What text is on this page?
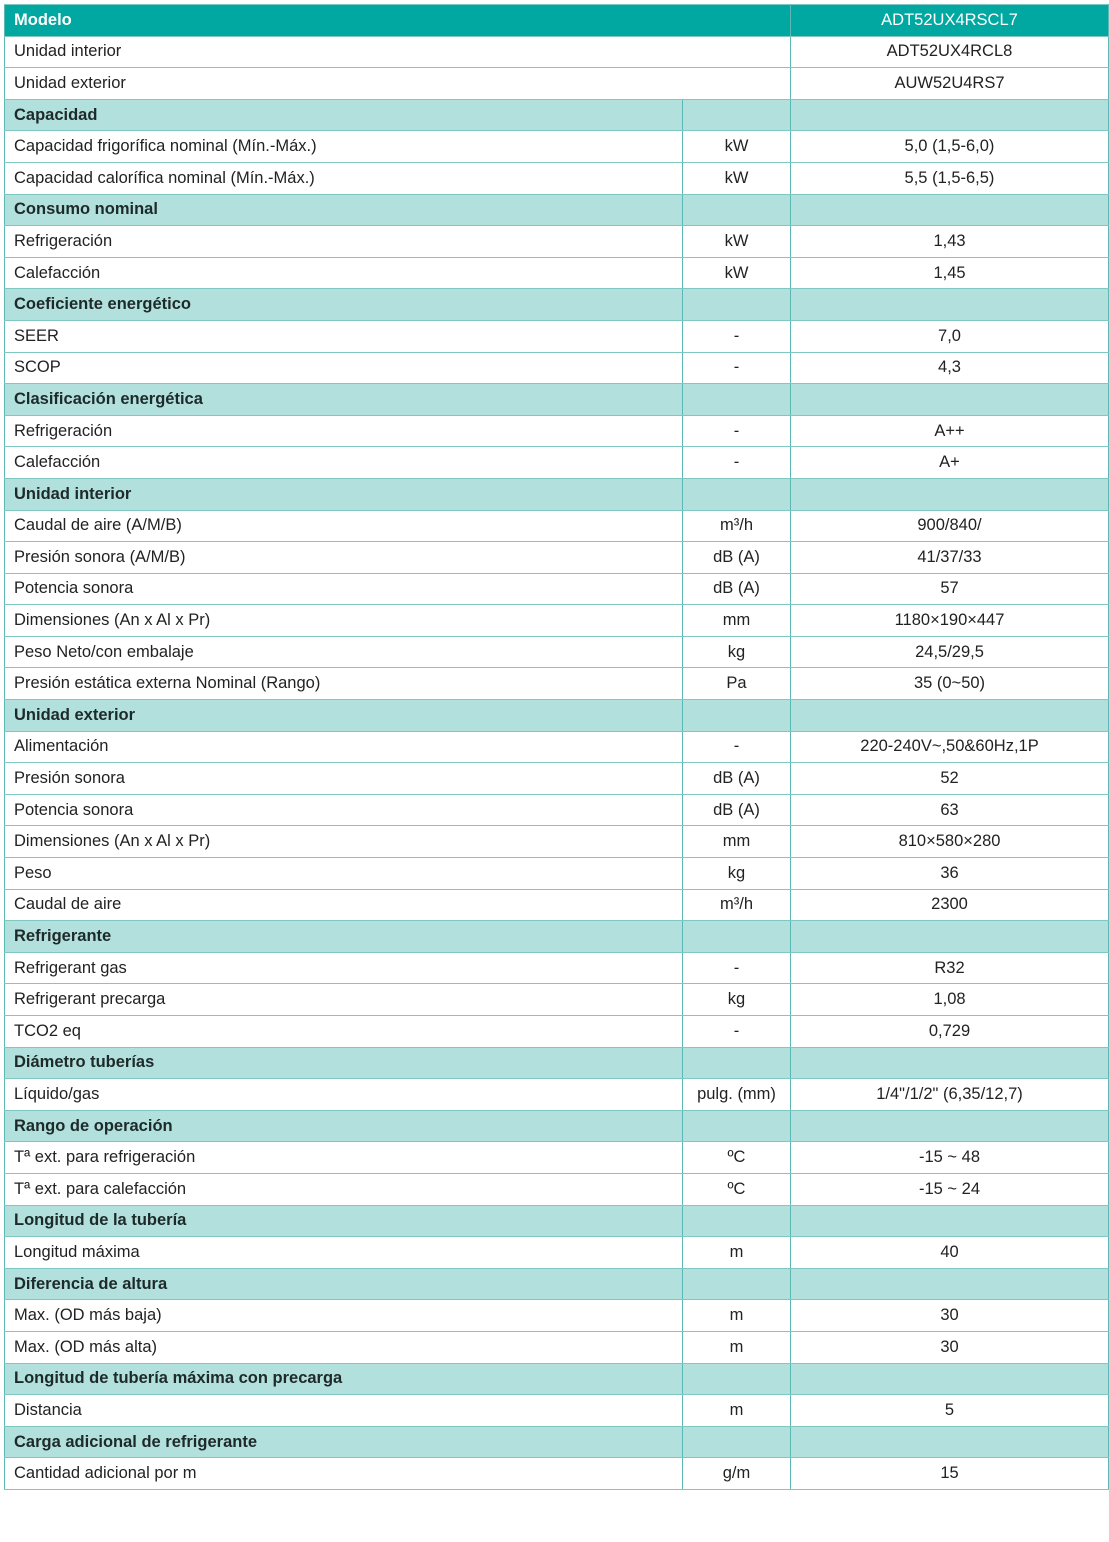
Modelo		ADT52UX4RSCL7
Unidad interior		ADT52UX4RCL8
Unidad exterior		AUW52U4RS7
Capacidad		
Capacidad frigorífica nominal (Mín.-Máx.)	kW	5,0 (1,5-6,0)
Capacidad calorífica nominal (Mín.-Máx.)	kW	5,5 (1,5-6,5)
Consumo nominal		
Refrigeración	kW	1,43
Calefacción	kW	1,45
Coeficiente energético		
SEER	-	7,0
SCOP	-	4,3
Clasificación energética		
Refrigeración	-	A++
Calefacción	-	A+
Unidad interior		
Caudal de aire (A/M/B)	m³/h	900/840/
Presión sonora (A/M/B)	dB (A)	41/37/33
Potencia sonora	dB (A)	57
Dimensiones (An x Al x Pr)	mm	1180×190×447
Peso Neto/con embalaje	kg	24,5/29,5
Presión estática externa Nominal (Rango)	Pa	35 (0~50)
Unidad exterior		
Alimentación	-	220-240V~,50&60Hz,1P
Presión sonora	dB (A)	52
Potencia sonora	dB (A)	63
Dimensiones (An x Al x Pr)	mm	810×580×280
Peso	kg	36
Caudal de aire	m³/h	2300
Refrigerante		
Refrigerant gas	-	R32
Refrigerant precarga	kg	1,08
TCO2 eq	-	0,729
Diámetro tuberías		
Líquido/gas	pulg. (mm)	1/4"/1/2" (6,35/12,7)
Rango de operación		
Tª ext. para refrigeración	ºC	-15 ~ 48
Tª ext. para calefacción	ºC	-15 ~ 24
Longitud de la tubería		
Longitud máxima	m	40
Diferencia de altura		
Max. (OD más baja)	m	30
Max. (OD más alta)	m	30
Longitud de tubería máxima con precarga		
Distancia	m	5
Carga adicional de refrigerante		
Cantidad adicional por m	g/m	15
